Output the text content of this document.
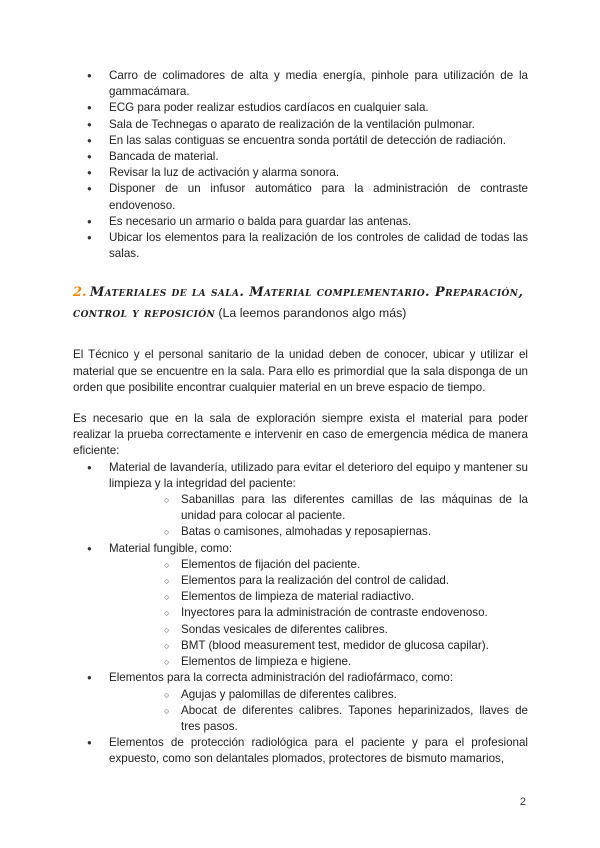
● Carro de colimadores de alta y media energía, pinhole para utilización de la gammacámara.
● ECG para poder realizar estudios cardíacos en cualquier sala.
● Sala de Technegas o aparato de realización de la ventilación pulmonar.
● En las salas contiguas se encuentra sonda portátil de detección de radiación.
● Bancada de material.
● Revisar la luz de activación y alarma sonora.
● Disponer de un infusor automático para la administración de contraste endovenoso.
● Es necesario un armario o balda para guardar las antenas.
● Ubicar los elementos para la realización de los controles de calidad de todas las salas.
2. Materiales de la sala. Material complementario. Preparación, control y reposición (La leemos parandonos algo más)

El Técnico y el personal sanitario de la unidad deben de conocer, ubicar y utilizar el material que se encuentre en la sala. Para ello es primordial que la sala disponga de un orden que posibilite encontrar cualquier material en un breve espacio de tiempo.

Es necesario que en la sala de exploración siempre exista el material para poder realizar la prueba correctamente e intervenir en caso de emergencia médica de manera eficiente:

● Material de lavandería, utilizado para evitar el deterioro del equipo y mantener su limpieza y la integridad del paciente:
○ Sabanillas para las diferentes camillas de las máquinas de la unidad para colocar al paciente.
○ Batas o camisones, almohadas y reposapiernas.
● Material fungible, como:
○ Elementos de fijación del paciente.
○ Elementos para la realización del control de calidad.
○ Elementos de limpieza de material radiactivo.
○ Inyectores para la administración de contraste endovenoso.
○ Sondas vesicales de diferentes calibres.
○ BMT (blood measurement test, medidor de glucosa capilar).
○ Elementos de limpieza e higiene.
● Elementos para la correcta administración del radiofármaco, como:
○ Agujas y palomillas de diferentes calibres.
○ Abocat de diferentes calibres. Tapones heparinizados, llaves de tres pasos.
● Elementos de protección radiológica para el paciente y para el profesional expuesto, como son delantales plomados, protectores de bismuto mamarios,
2
